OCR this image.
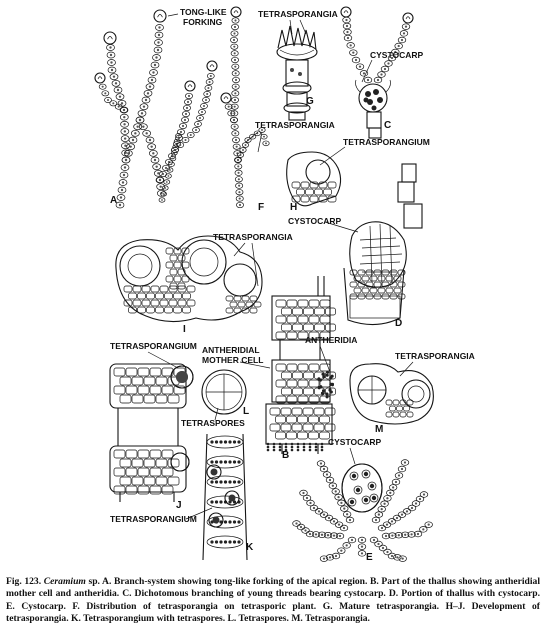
A
F
TONG-LIKE
FORKING
TETRASPORANGIA
TETRASPORANGIA
G
CYSTOCARP
C
TETRASPORANGIUM
H
CYSTOCARP
D
TETRASPORANGIA
I
ANTHERIDIA
ANTHERIDIAL
MOTHER CELL
B
TETRASPORES
L
TETRASPORANGIUM
J
TETRASPORANGIUM
K
TETRASPORANGIA
M
CYSTOCARP
E
Fig. 123. Ceramium sp. A. Branch-system showing tong-like forking of the apical region. B. Part of the thallus showing antheridial mother cell and antheridia. C. Dichotomous branching of young threads bearing cystocarp. D. Portion of thallus with cystocarp. E. Cystocarp. F. Distribution of tetrasporangia on tetrasporic plant. G. Mature tetrasporangia. H–J. Development of tetrasporangia. K. Tetrasporangium with tetraspores. L. Tetraspores. M. Tetrasporangia.
